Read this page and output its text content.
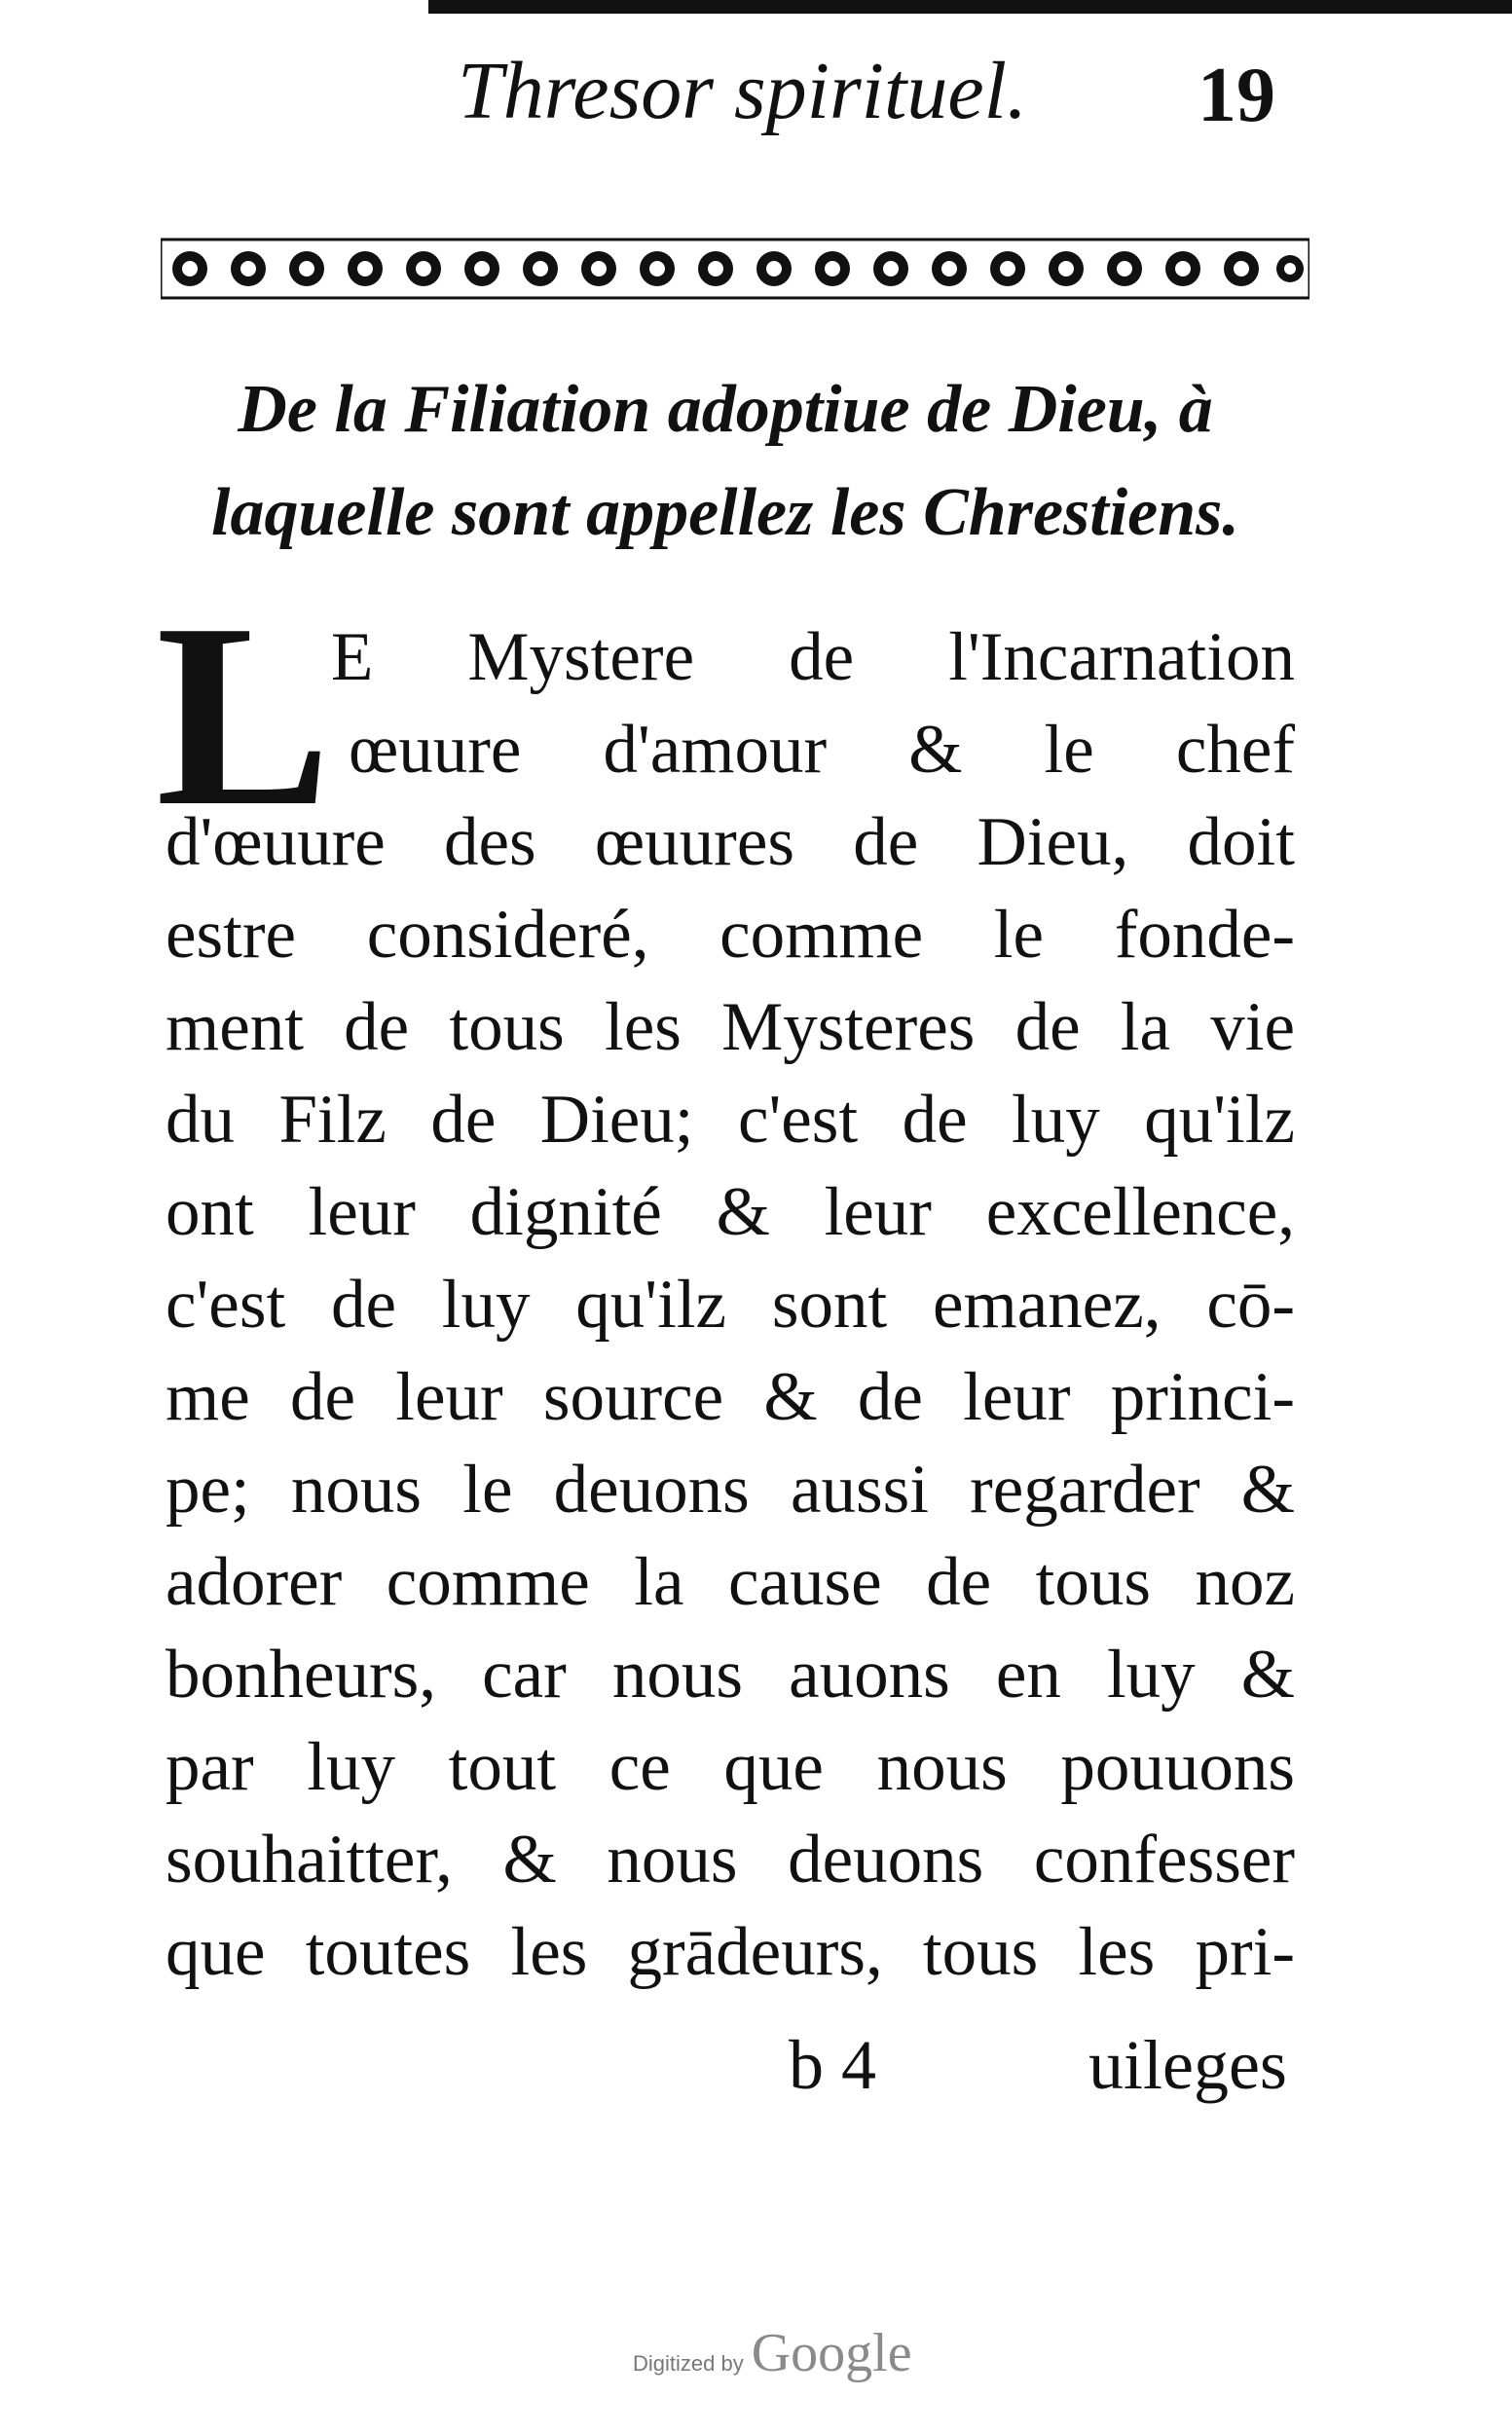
Thresor spirituel. 19
De la Filiation adoptiue de Dieu, à
laquelle sont appellez les Chrestiens.
L E Mystere de l'Incarnation
œuure d'amour & le chef
d'œuure des œuures de Dieu, doit
estre consideré, comme le fonde-
ment de tous les Mysteres de la vie
du Filz de Dieu; c'est de luy qu'ilz
ont leur dignité & leur excellence,
c'est de luy qu'ilz sont emanez, cō-
me de leur source & de leur princi-
pe; nous le deuons aussi regarder &
adorer comme la cause de tous noz
bonheurs, car nous auons en luy &
par luy tout ce que nous pouuons
souhaitter, & nous deuons confesser
que toutes les grādeurs, tous les pri-
b 4	uileges
Digitized by Google
